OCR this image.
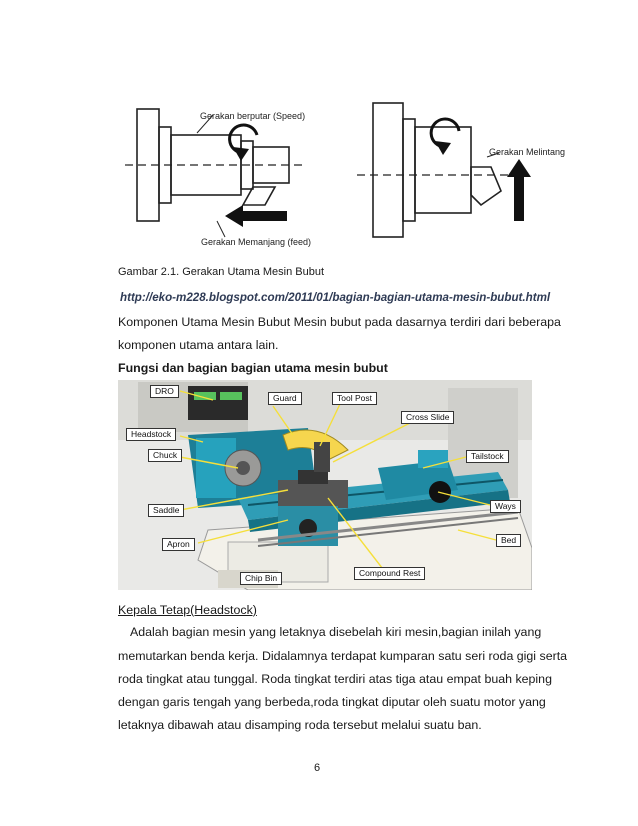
Gerakan berputar (Speed)
Gerakan Memanjang (feed)
Gerakan Melintang
Gambar 2.1. Gerakan Utama Mesin Bubut
http://eko-m228.blogspot.com/2011/01/bagian-bagian-utama-mesin-bubut.html
Komponen Utama Mesin Bubut Mesin bubut pada dasarnya terdiri dari beberapa
komponen utama antara lain.
Fungsi dan bagian bagian utama mesin bubut
DRO
Guard	Tool Post
Cross Slide
Headstock
Chuck	Tailstock
Saddle	Ways
Apron	Bed
Chip Bin	Compound Rest
Kepala Tetap(Headstock)
Adalah bagian mesin yang letaknya disebelah kiri mesin,bagian inilah yang
memutarkan benda kerja. Didalamnya terdapat kumparan satu seri roda gigi serta
roda tingkat atau tunggal. Roda tingkat terdiri atas tiga atau empat buah keping
dengan garis tengah yang berbeda,roda tingkat diputar oleh suatu motor yang
letaknya dibawah atau disamping roda tersebut melalui suatu ban.
6
